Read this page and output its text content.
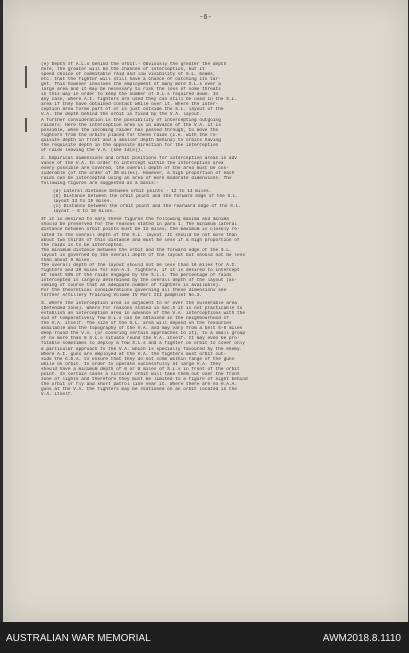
-6-
(e) Depth of A.L.s behind the orbit.- Obviously the greater the depth
here, the greater will be the chances of interception, but it
speed choice of commitable raid and low visibility of S.L. beams,
etc. that the fighter will still have a chance of catching its tar-
get. This however involves the employment of many more S.L.s over a
large area and it may be necessary to risk the loss of some threats
in this way in order to keep the number of S.L.s required down. In
any case, where A.I. fighters are used they can still be used in the S.L.
area if they have obtained contact while over it. Where the inter-
ception area forms part of or is just outside the S.L. layout of the
V.A. the depth behind the orbit is fixed by the V.A. layout.
A further consideration is the possibility of intercepting outgoing
raiders. Here the interception area is in advance of the V.A. it is
possible, when the incoming raider has passed through, to move the
fighters from the orbits placed for these raids (i.e. with the re-
quisite depth in front and a smaller depth behind) to orbits having
the requisite depth in the opposite direction for the interception
of raids leaving the V.A. (see 14(e)).
2. Empirical dimensions and orbit positions for interception areas in adv
vance of the V.A. In order to intercept within the interception area
every possible are covered, the overall depth of the area must be con-
siderable (of the order of 30 miles). However, a high proportion of each
raids can be intercepted using an area of more moderate dimensions. The
following figures are suggested as a basis:-
(a) Lateral distance between orbit points - 12 to 14 miles.
(b) Distance between the orbit point and the forward edge of the S.L.
layout 13 to 15 miles.
(c) Distance between the orbit point and the rearward edge of the S.L.
layout - 6 to 10 miles.
If it is desired to vary these figures the following maxima and minima
should be preserved for the reasons stated in para 1. The minimum lateral
distance between orbit points must be 12 miles; the maximum is closely re-
lated to the overall depth of the S.L. layout. It should be not more than
about two thirds of this distance and must be less if a high proportion of
the raids is to be intercepted.
The minimum distance between the orbit and the forward edge of the S.L.
layout is governed by the overall depth of the layout but should not be less
than about 8 miles.
The overall depth of the layout should not be less than 16 miles for A.I.
fighters and 20 miles for non-A.I. fighters, if it is desired to intercept
at least 50% of the raids engaged by the S.L.s. The percentage of raids
intercepted is largely determined by the overall depth of the layout (as-
suming of course that an adequate number of fighters is available).
For the theoretical considerations governing all these dimensions see
further Artillery Training Volume IV Part III pamphlet No.3.
3. Where the interception area is adjacent to or over the vulnerable area
(Defended zone). Where for reasons stated in Sec.5 it is not practicable to
establish an interception area in advance of the V.A. interceptions with the
aid of comparatively few S.L.s can be obtained in the neighbourhood of
the V.A. itself. The size of the S.L. area will depend on the resources
available and the topography of the V.A. and may vary from a belt 5-6 miles
deep round the V.A. (or covering certain approaches to it), to a small group
of no more than 6 S.L.s situate round the V.A. itself. It may even be pro-
fitable sometimes to deploy a few S.L.s and a fighter on orbit to cover only
a particular approach to the V.A. which is specially favoured by the enemy.
Where A.I. guns are employed at the V.A. the fighters must orbit out-
side the G.D.A. to ensure that they do not come within range of the guns
while on orbit. In order to operate successfully at large V.A. they
should have a minimum depth of 6 or 8 miles of S.L.s in front of the orbit
point. In certain cases a circular orbit will take them out over the front
zone of lights and therefore they must be limited to a figure of eight behind
the orbit or fly and short patrol line near it. Where there are no H.A.A.
guns at the V.A. the fighters may be stationed on an orbit located in the
V.A. itself.
AUSTRALIAN WAR MEMORIAL	AWM2018.8.1110
